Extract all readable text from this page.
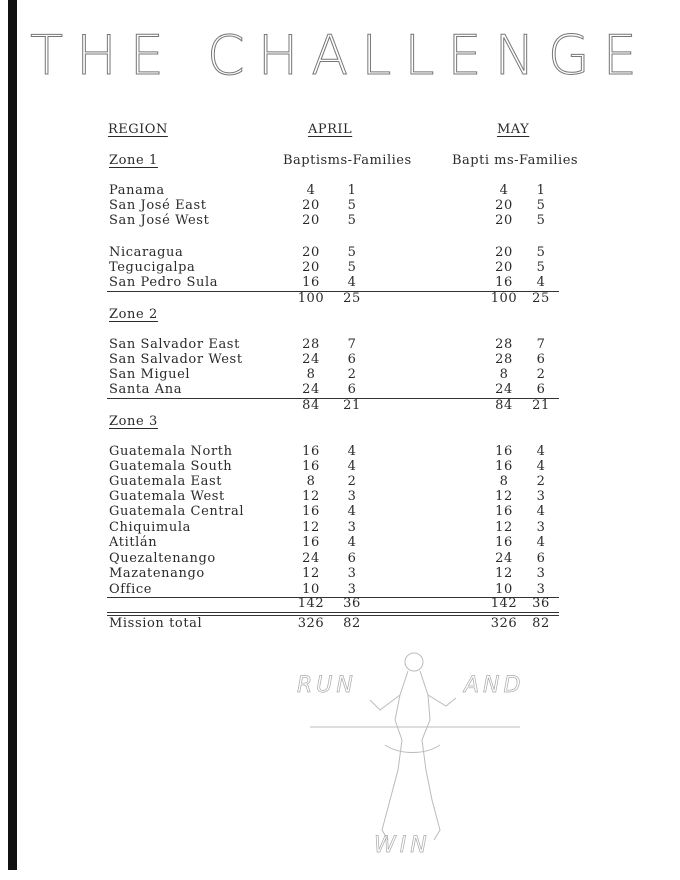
THE CHALLENGE
REGION	APRIL	MAY
Zone 1	Baptisms-Families	Bapti ms-Families
Panama	4	1	4	1
San José East	20	5	20	5
San José West	20	5	20	5
Nicaragua	20	5	20	5
Tegucigalpa	20	5	20	5
San Pedro Sula	16	4	16	4
100	25	100	25
Zone 2
San Salvador East	28	7	28	7
San Salvador West	24	6	28	6
San Miguel	8	2	8	2
Santa Ana	24	6	24	6
84	21	84	21
Zone 3
Guatemala North	16	4	16	4
Guatemala South	16	4	16	4
Guatemala East	8	2	8	2
Guatemala West	12	3	12	3
Guatemala Central	16	4	16	4
Chiquimula	12	3	12	3
Atitlán	16	4	16	4
Quezaltenango	24	6	24	6
Mazatenango	12	3	12	3
Office	10	3	10	3
142	36	142	36
Mission total	326	82	326	82
RUN	AND
WIN
